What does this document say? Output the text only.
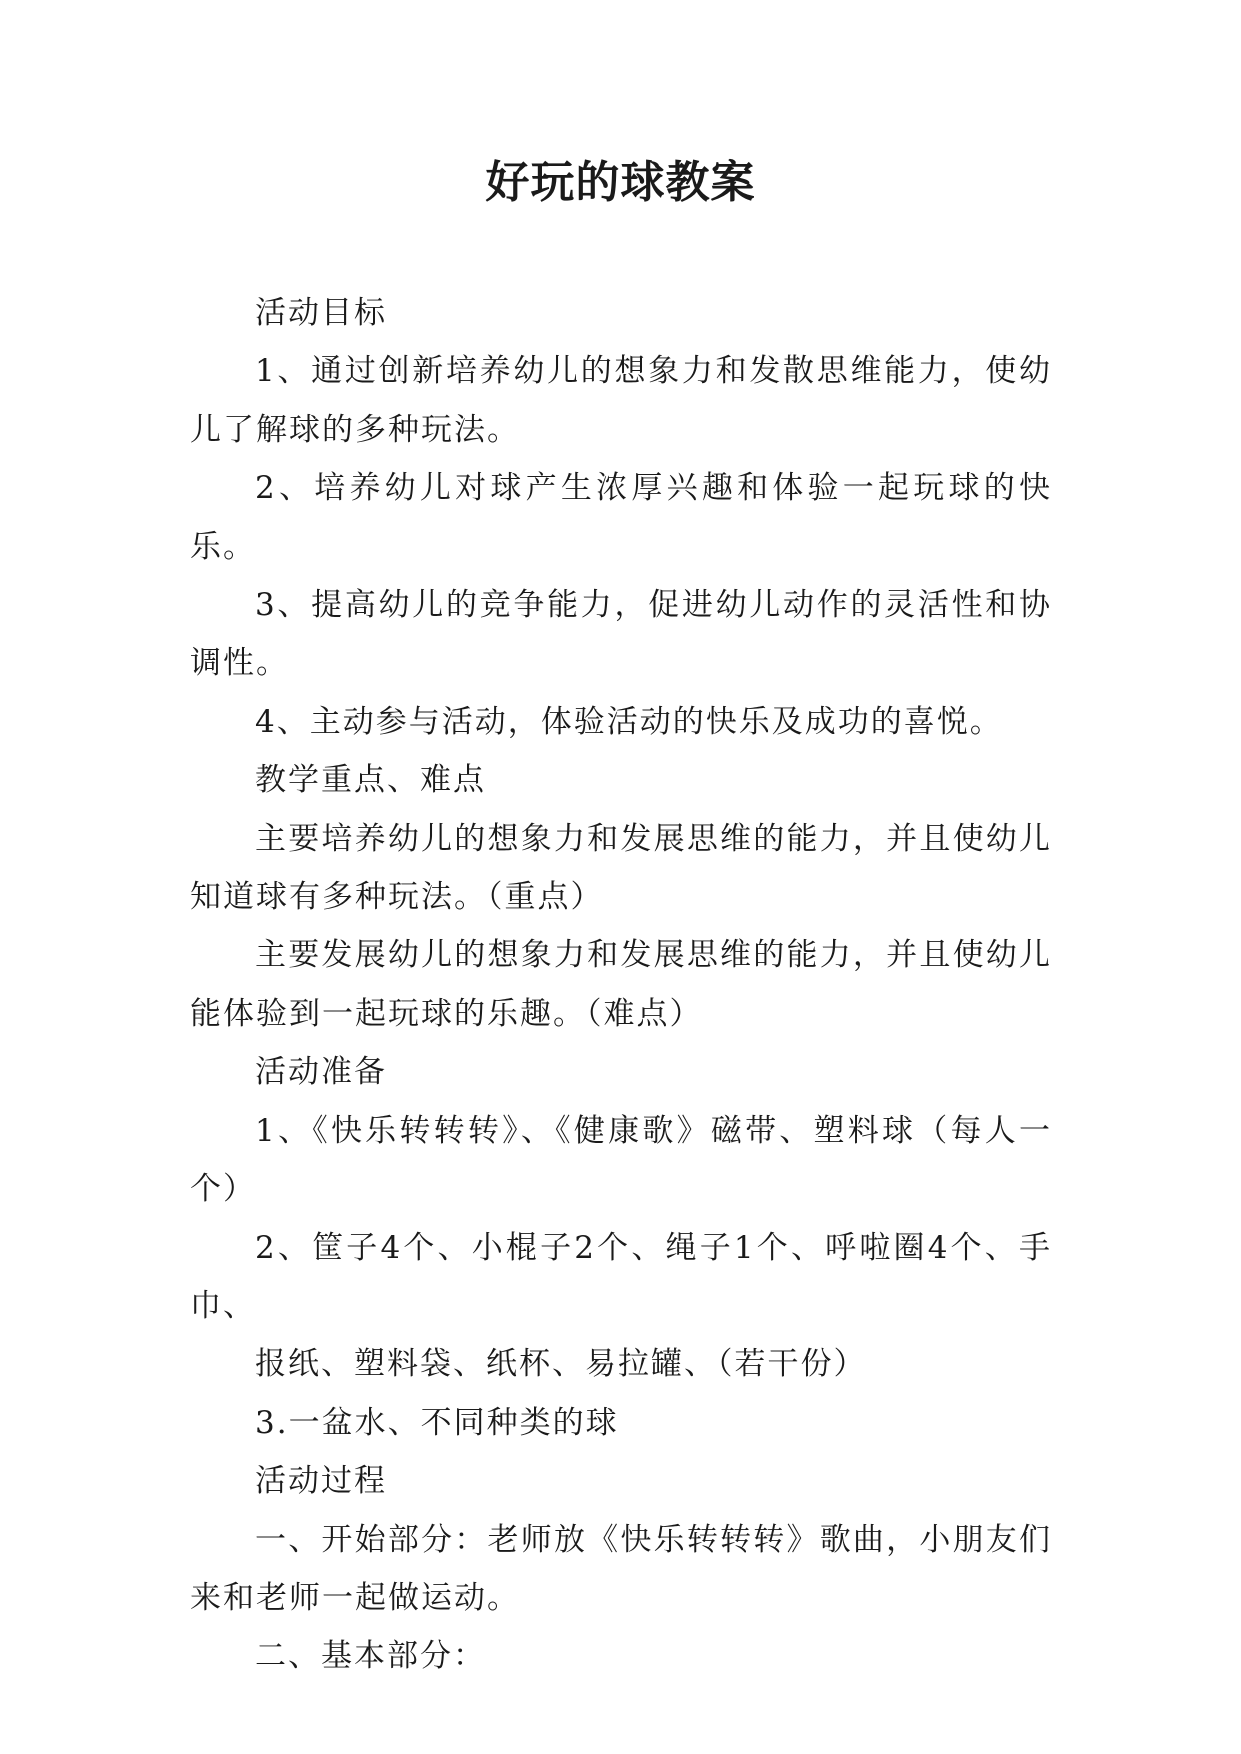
好玩的球教案

活动目标

1、通过创新培养幼儿的想象力和发散思维能力，使幼儿了解球的多种玩法。

2、培养幼儿对球产生浓厚兴趣和体验一起玩球的快乐。

3、提高幼儿的竞争能力，促进幼儿动作的灵活性和协调性。

4、主动参与活动，体验活动的快乐及成功的喜悦。

教学重点、难点

主要培养幼儿的想象力和发展思维的能力，并且使幼儿知道球有多种玩法。（重点）

主要发展幼儿的想象力和发展思维的能力，并且使幼儿能体验到一起玩球的乐趣。（难点）

活动准备

1、《快乐转转转》、《健康歌》磁带、塑料球（每人一个）

2、筐子4个、小棍子2个、绳子1个、呼啦圈4个、手巾、

报纸、塑料袋、纸杯、易拉罐、（若干份）

3.一盆水、不同种类的球

活动过程

一、开始部分：老师放《快乐转转转》歌曲，小朋友们来和老师一起做运动。

二、基本部分：
